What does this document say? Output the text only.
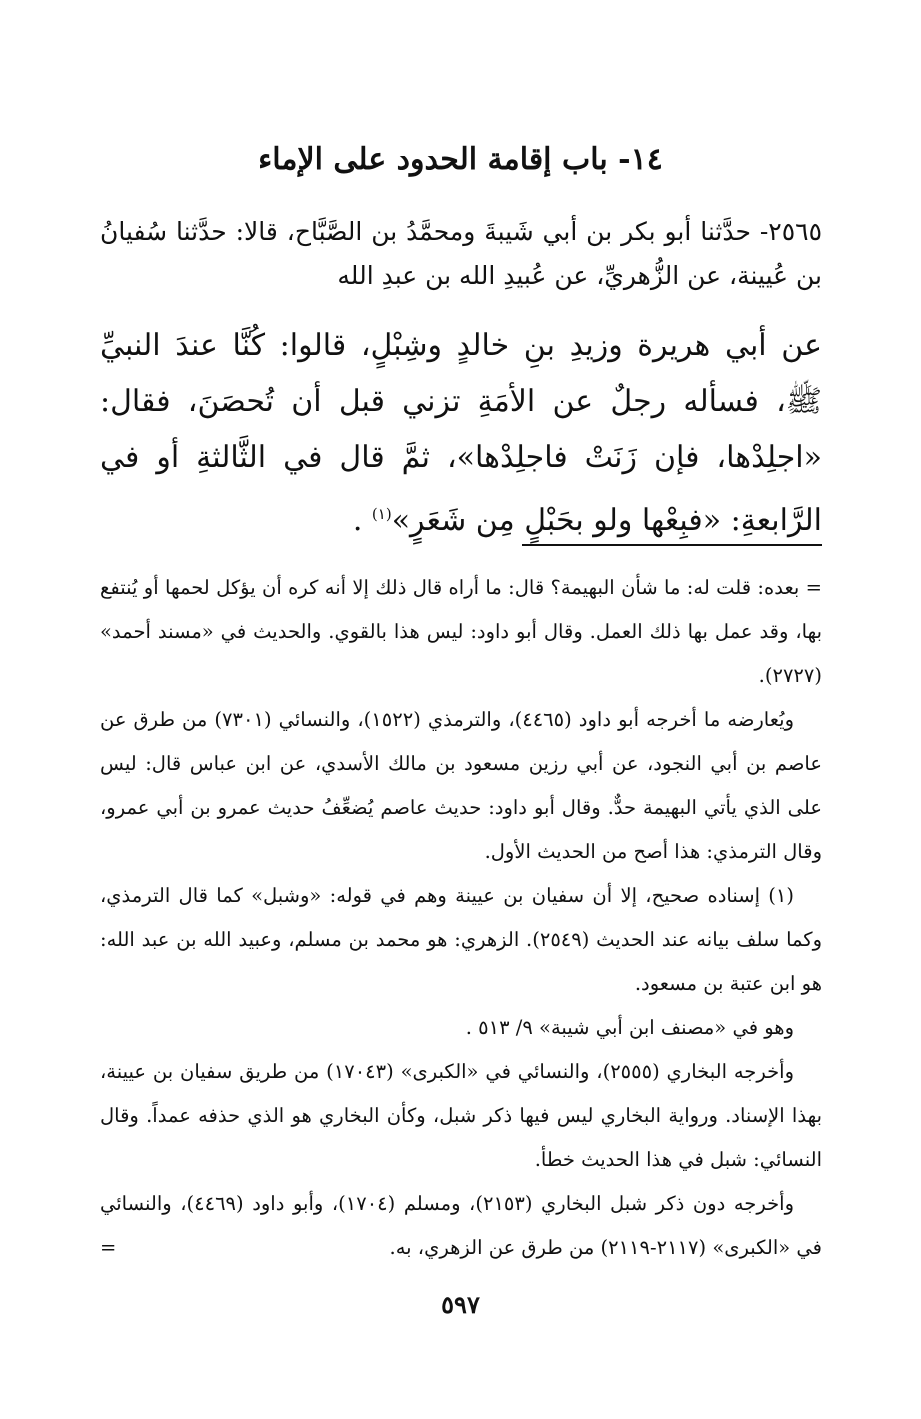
١٤- باب إقامة الحدود على الإماء
٢٥٦٥- حدَّثنا أبو بكر بن أبي شَيبةَ ومحمَّدُ بن الصَّبَّاح، قالا: حدَّثنا سُفيانُ بن عُيينة، عن الزُّهريِّ، عن عُبيدِ الله بن عبدِ الله
عن أبي هريرة وزيدِ بنِ خالدٍ وشِبْلٍ، قالوا: كُنَّا عندَ النبيِّ ﷺ، فسأله رجلٌ عن الأمَةِ تزني قبل أن تُحصَنَ، فقال: «اجلِدْها، فإن زَنَتْ فاجلِدْها»، ثمَّ قال في الثَّالثةِ أو في الرَّابعةِ: «فبِعْها ولو بحَبْلٍ مِن شَعَرٍ»$^{(١)}$ .

= بعده: قلت له: ما شأن البهيمة؟ قال: ما أراه قال ذلك إلا أنه كره أن يؤكل لحمها أو يُنتفع بها، وقد عمل بها ذلك العمل. وقال أبو داود: ليس هذا بالقوي. والحديث في «مسند أحمد» (٢٧٢٧).

ويُعارضه ما أخرجه أبو داود (٤٤٦٥)، والترمذي (١٥٢٢)، والنسائي (٧٣٠١) من طرق عن عاصم بن أبي النجود، عن أبي رزين مسعود بن مالك الأسدي، عن ابن عباس قال: ليس على الذي يأتي البهيمة حدٌّ. وقال أبو داود: حديث عاصم يُضعِّفُ حديث عمرو بن أبي عمرو، وقال الترمذي: هذا أصح من الحديث الأول.

(١) إسناده صحيح، إلا أن سفيان بن عيينة وهم في قوله: «وشبل» كما قال الترمذي، وكما سلف بيانه عند الحديث (٢٥٤٩). الزهري: هو محمد بن مسلم، وعبيد الله بن عبد الله: هو ابن عتبة بن مسعود.

وهو في «مصنف ابن أبي شيبة» ٩/ ٥١٣ .

وأخرجه البخاري (٢٥٥٥)، والنسائي في «الكبرى» (١٧٠٤٣) من طريق سفيان بن عيينة، بهذا الإسناد. ورواية البخاري ليس فيها ذكر شبل، وكأن البخاري هو الذي حذفه عمداً. وقال النسائي: شبل في هذا الحديث خطأ.

وأخرجه دون ذكر شبل البخاري (٢١٥٣)، ومسلم (١٧٠٤)، وأبو داود (٤٤٦٩)، والنسائي في «الكبرى» (٢١١٧-٢١١٩) من طرق عن الزهري، به.
=

٥٩٧
